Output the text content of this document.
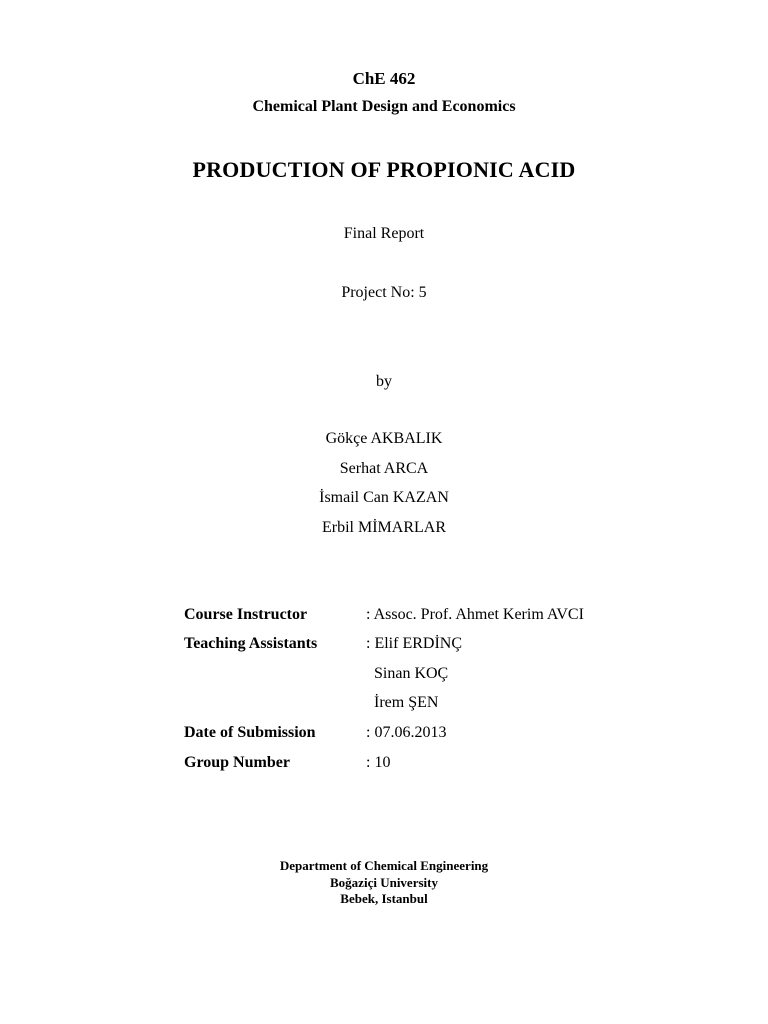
ChE 462
Chemical Plant Design and Economics
PRODUCTION OF PROPIONIC ACID
Final Report
Project No: 5
by
Gökçe AKBALIK
Serhat ARCA
İsmail Can KAZAN
Erbil MİMARLAR
Course Instructor	: Assoc. Prof. Ahmet Kerim AVCI
Teaching Assistants	: Elif ERDİNÇ
Sinan KOÇ
İrem ŞEN
Date of Submission	: 07.06.2013
Group Number	: 10
Department of Chemical Engineering
Boğaziçi University
Bebek, Istanbul
